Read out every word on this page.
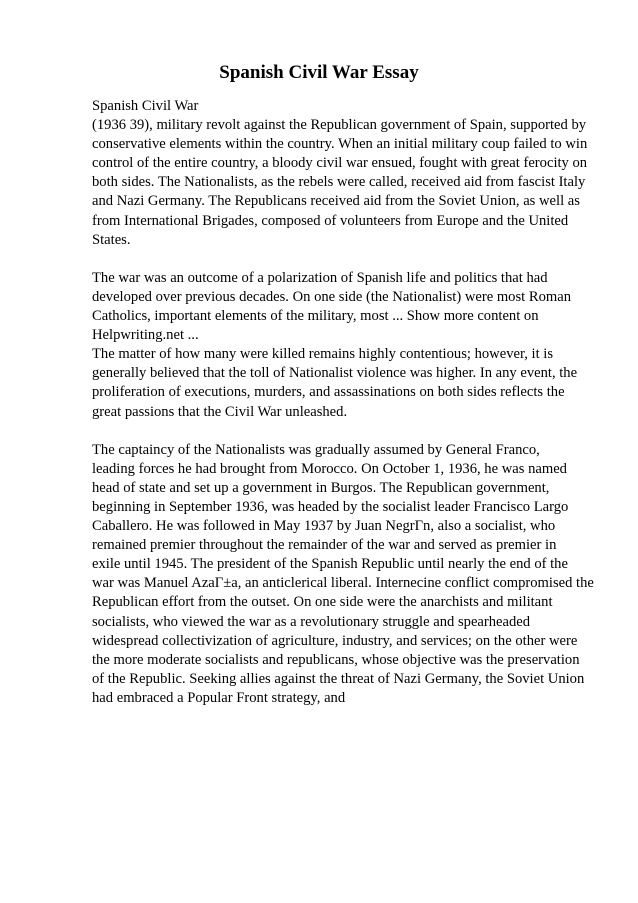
Spanish Civil War Essay

Spanish Civil War
(1936 39), military revolt against the Republican government of Spain, supported by
conservative elements within the country. When an initial military coup failed to win
control of the entire country, a bloody civil war ensued, fought with great ferocity on
both sides. The Nationalists, as the rebels were called, received aid from fascist Italy
and Nazi Germany. The Republicans received aid from the Soviet Union, as well as
from International Brigades, composed of volunteers from Europe and the United
States.

The war was an outcome of a polarization of Spanish life and politics that had
developed over previous decades. On one side (the Nationalist) were most Roman
Catholics, important elements of the military, most ... Show more content on
Helpwriting.net ...
The matter of how many were killed remains highly contentious; however, it is
generally believed that the toll of Nationalist violence was higher. In any event, the
proliferation of executions, murders, and assassinations on both sides reflects the
great passions that the Civil War unleashed.

The captaincy of the Nationalists was gradually assumed by General Franco,
leading forces he had brought from Morocco. On October 1, 1936, he was named
head of state and set up a government in Burgos. The Republican government,
beginning in September 1936, was headed by the socialist leader Francisco Largo
Caballero. He was followed in May 1937 by Juan NegrΓn, also a socialist, who
remained premier throughout the remainder of the war and served as premier in
exile until 1945. The president of the Spanish Republic until nearly the end of the
war was Manuel AzaΓ±a, an anticlerical liberal. Internecine conflict compromised the
Republican effort from the outset. On one side were the anarchists and militant
socialists, who viewed the war as a revolutionary struggle and spearheaded
widespread collectivization of agriculture, industry, and services; on the other were
the more moderate socialists and republicans, whose objective was the preservation
of the Republic. Seeking allies against the threat of Nazi Germany, the Soviet Union
had embraced a Popular Front strategy, and
